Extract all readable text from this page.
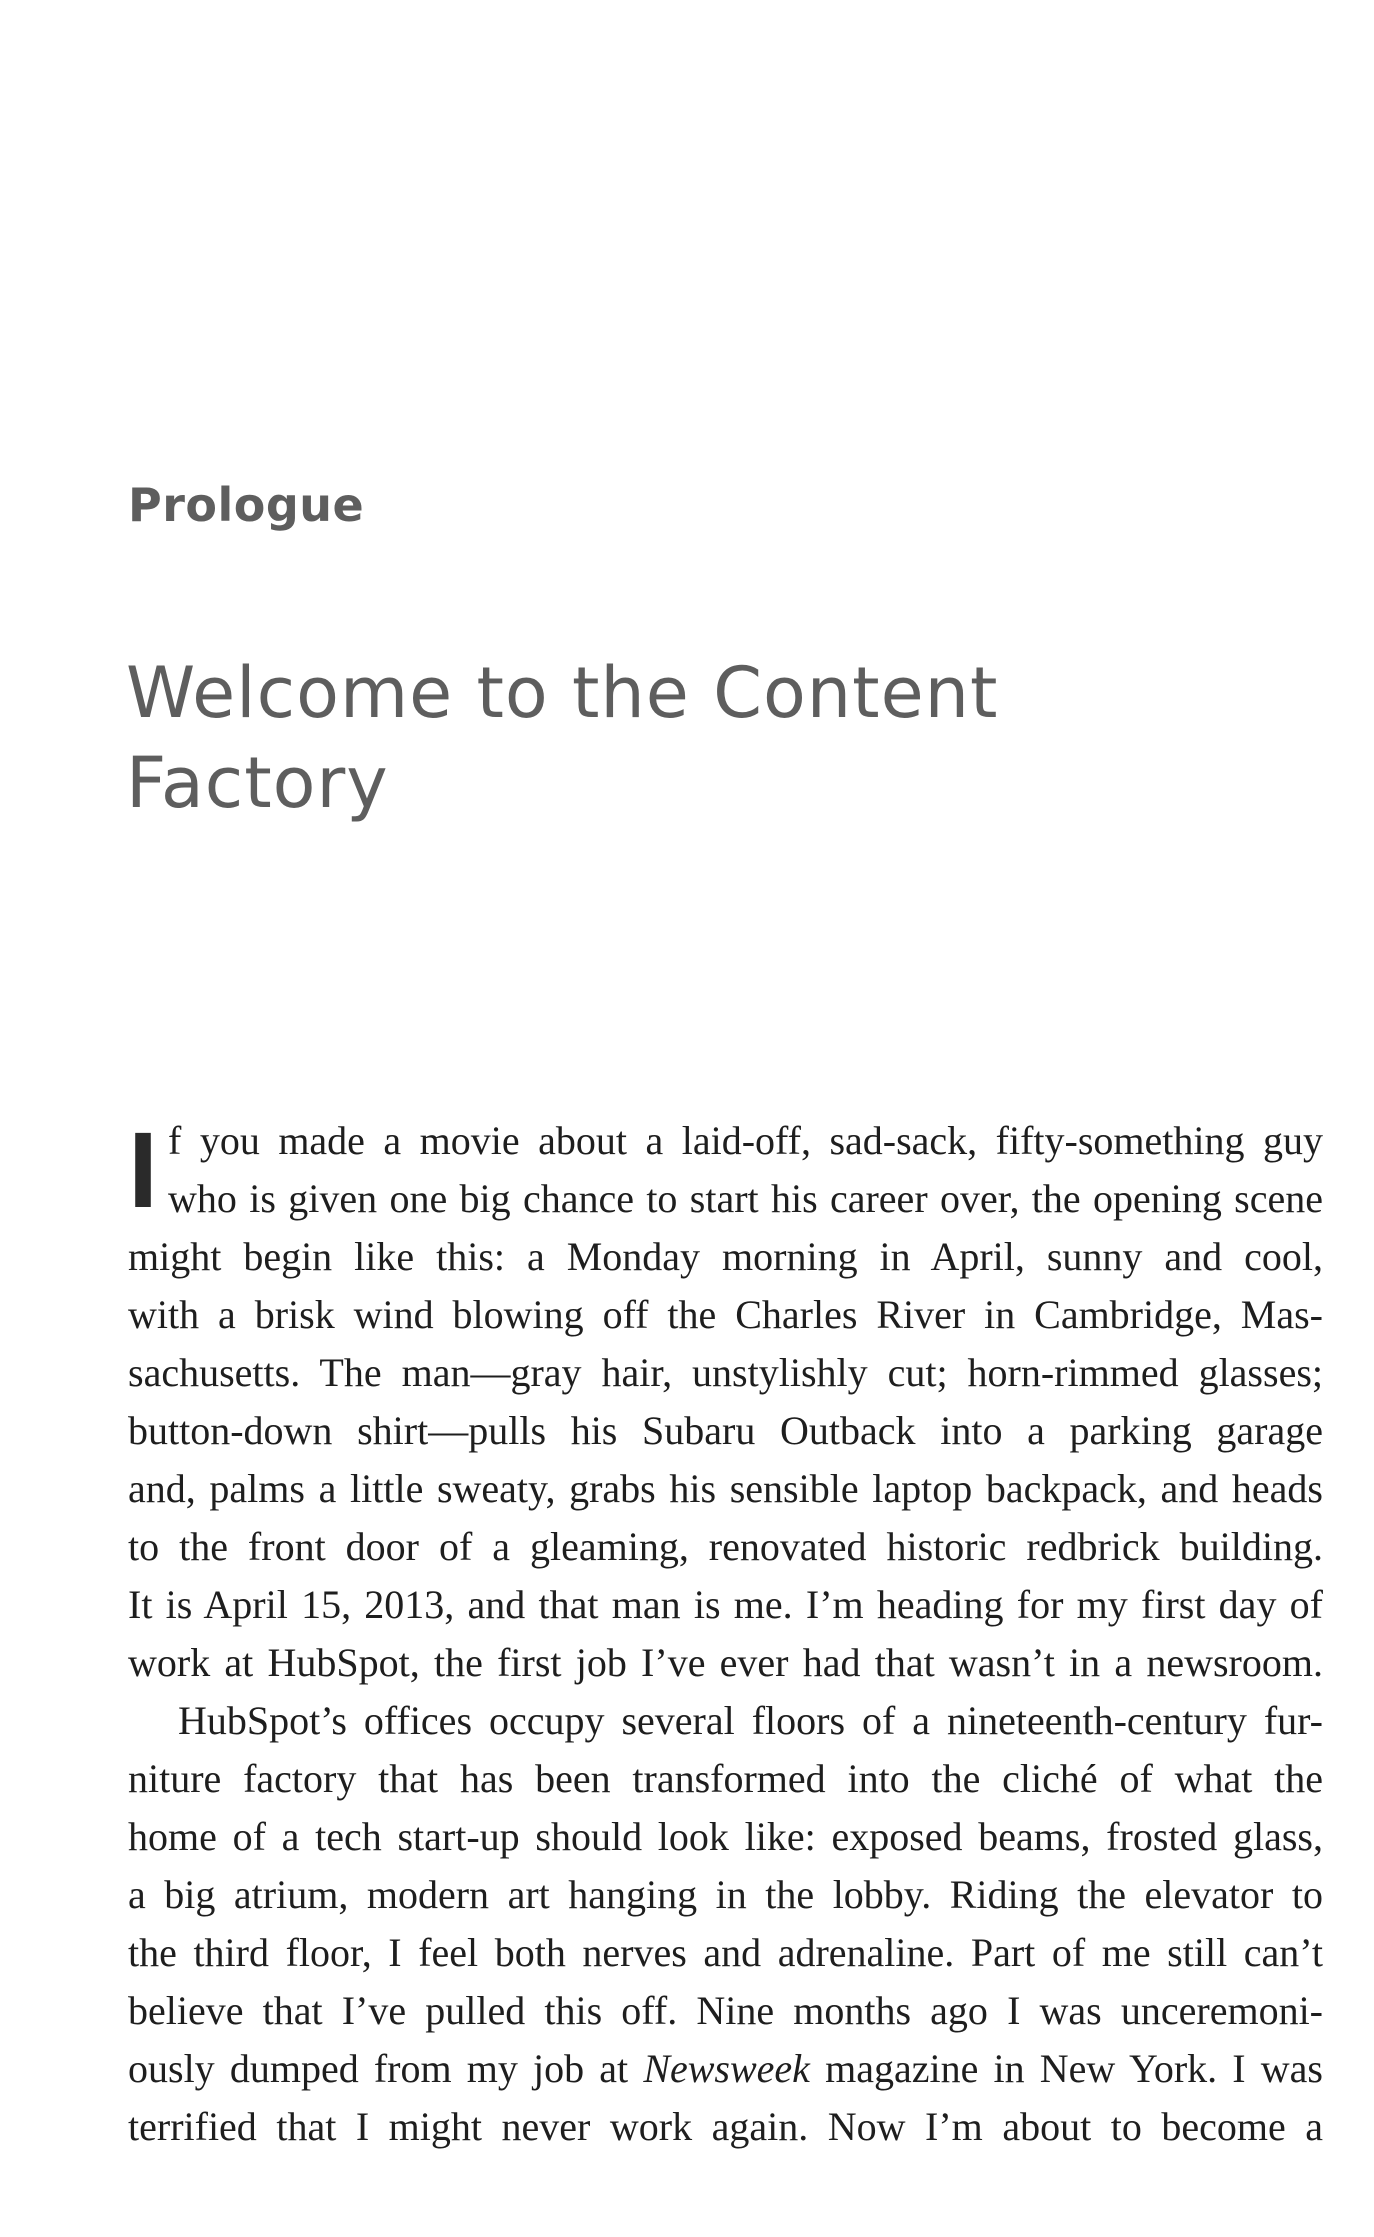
Prologue
Welcome to the Content
Factory
I f you made a movie about a laid-off, sad-sack, fifty-something guy
who is given one big chance to start his career over, the opening scene
might begin like this: a Monday morning in April, sunny and cool,
with a brisk wind blowing off the Charles River in Cambridge, Mas-
sachusetts. The man—gray hair, unstylishly cut; horn-rimmed glasses;
button-down shirt—pulls his Subaru Outback into a parking garage
and, palms a little sweaty, grabs his sensible laptop backpack, and heads
to the front door of a gleaming, renovated historic redbrick building.
It is April 15, 2013, and that man is me. I’m heading for my first day of
work at HubSpot, the first job I’ve ever had that wasn’t in a newsroom.
HubSpot’s offices occupy several floors of a nineteenth-century fur-
niture factory that has been transformed into the cliché of what the
home of a tech start-up should look like: exposed beams, frosted glass,
a big atrium, modern art hanging in the lobby. Riding the elevator to
the third floor, I feel both nerves and adrenaline. Part of me still can’t
believe that I’ve pulled this off. Nine months ago I was unceremoni-
ously dumped from my job at Newsweek magazine in New York. I was
terrified that I might never work again. Now I’m about to become a
